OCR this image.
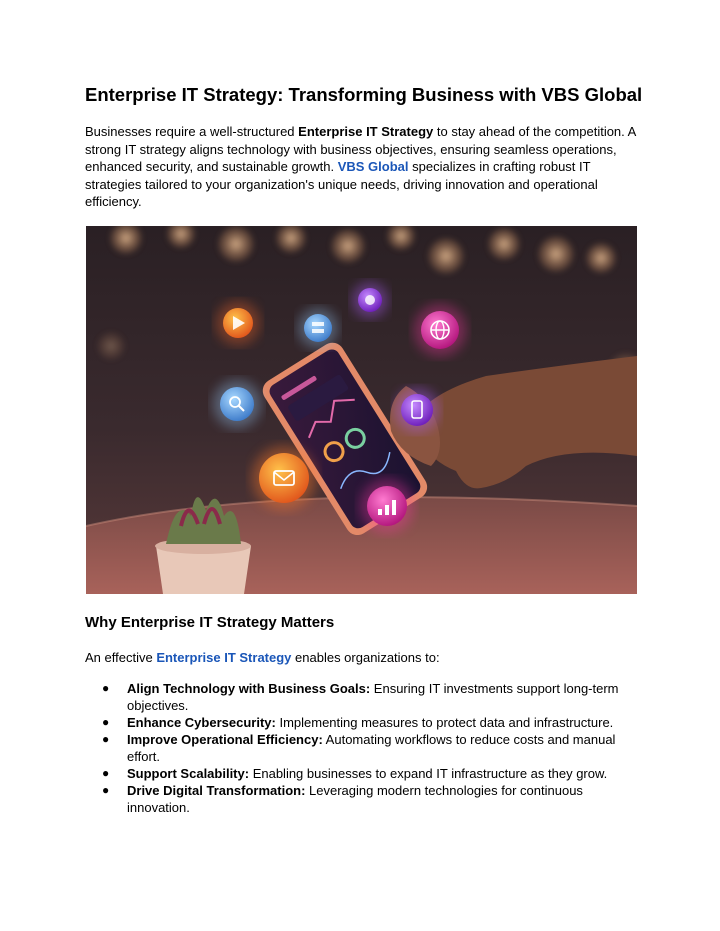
Enterprise IT Strategy: Transforming Business with VBS Global

Businesses require a well-structured Enterprise IT Strategy to stay ahead of the competition. A strong IT strategy aligns technology with business objectives, ensuring seamless operations, enhanced security, and sustainable growth. VBS Global specializes in crafting robust IT strategies tailored to your organization's unique needs, driving innovation and operational efficiency.

Why Enterprise IT Strategy Matters

An effective Enterprise IT Strategy enables organizations to:

● Align Technology with Business Goals: Ensuring IT investments support long-term objectives.
● Enhance Cybersecurity: Implementing measures to protect data and infrastructure.
● Improve Operational Efficiency: Automating workflows to reduce costs and manual effort.
● Support Scalability: Enabling businesses to expand IT infrastructure as they grow.
● Drive Digital Transformation: Leveraging modern technologies for continuous innovation.
